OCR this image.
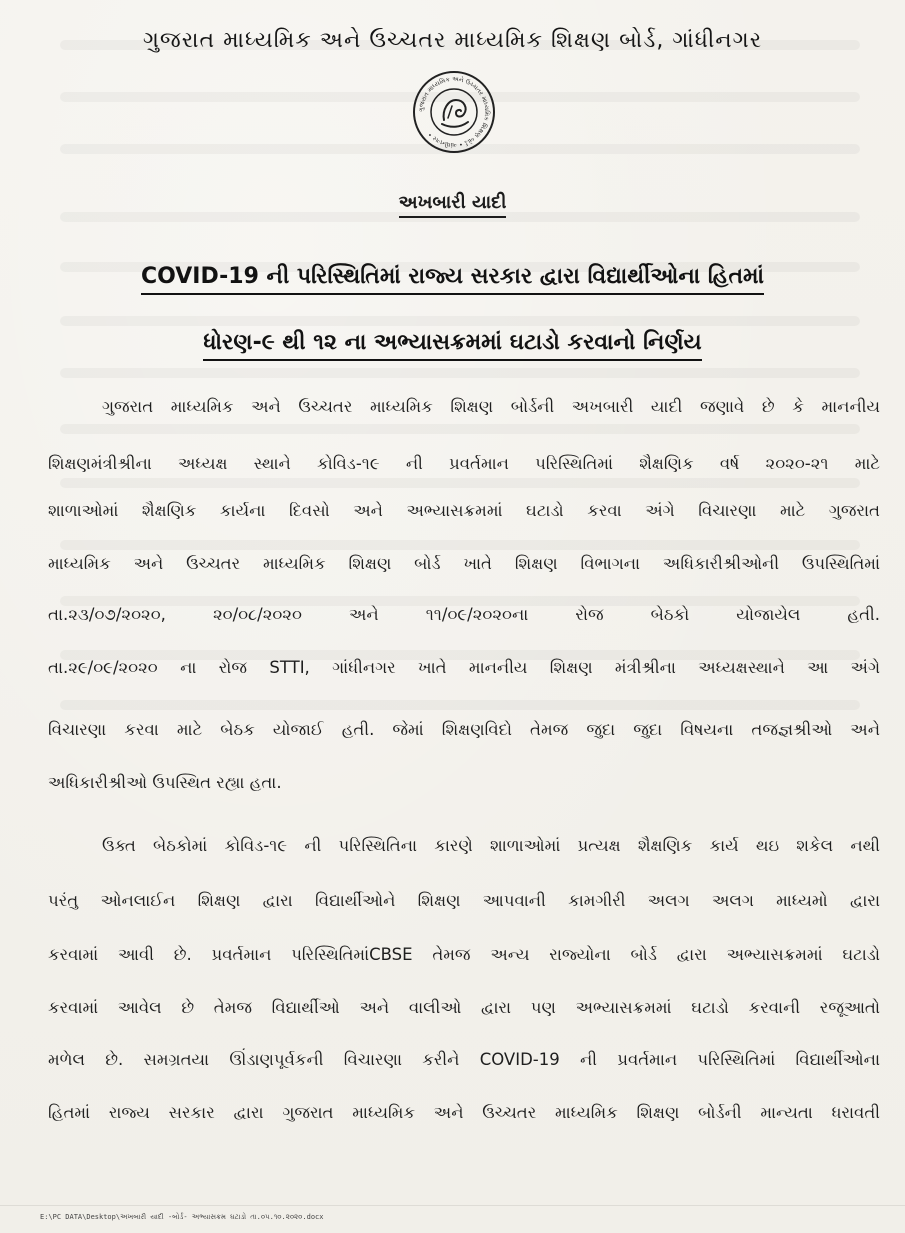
ગુજરાત માધ્યમિક અને ઉચ્ચતર માધ્યમિક શિક્ષણ બોર્ડ, ગાંધીનગર
ગુજરાત માધ્યમિક અને ઉચ્ચતર માધ્યમિક શિક્ષણ બોર્ડ • ગાંધીનગર •
અખબારી યાદી
COVID-19 ની પરિસ્થિતિમાં રાજ્ય સરકાર દ્વારા વિદ્યાર્થીઓના હિતમાં
ધોરણ-૯ થી ૧૨ ના અભ્યાસક્રમમાં ઘટાડો કરવાનો નિર્ણય
ગુજરાત માધ્યમિક અને ઉચ્ચતર માધ્યમિક શિક્ષણ બોર્ડની અખબારી યાદી જણાવે છે કે માનનીય
શિક્ષણમંત્રીશ્રીના અધ્યક્ષ સ્થાને કોવિડ-૧૯ ની પ્રવર્તમાન પરિસ્થિતિમાં શૈક્ષણિક વર્ષ ૨૦૨૦-૨૧ માટે
શાળાઓમાં શૈક્ષણિક કાર્યના દિવસો અને અભ્યાસક્રમમાં ઘટાડો કરવા અંગે વિચારણા માટે ગુજરાત
માધ્યમિક અને ઉચ્ચતર માધ્યમિક શિક્ષણ બોર્ડ ખાતે શિક્ષણ વિભાગના અધિકારીશ્રીઓની ઉપસ્થિતિમાં
તા.૨૩/૦૭/૨૦૨૦, ૨૦/૦૮/૨૦૨૦ અને ૧૧/૦૯/૨૦૨૦ના રોજ બેઠકો યોજાયેલ હતી.
તા.૨૯/૦૯/૨૦૨૦ ના રોજ STTI, ગાંધીનગર ખાતે માનનીય શિક્ષણ મંત્રીશ્રીના અધ્યક્ષસ્થાને આ અંગે
વિચારણા કરવા માટે બેઠક યોજાઈ હતી. જેમાં શિક્ષણવિદો તેમજ જુદા જુદા વિષયના તજજ્ઞશ્રીઓ અને
અધિકારીશ્રીઓ ઉપસ્થિત રહ્યા હતા.
ઉક્ત બેઠકોમાં કોવિડ-૧૯ ની પરિસ્થિતિના કારણે શાળાઓમાં પ્રત્યક્ષ શૈક્ષણિક કાર્ય થઇ શકેલ નથી
પરંતુ ઓનલાઈન શિક્ષણ દ્વારા વિદ્યાર્થીઓને શિક્ષણ આપવાની કામગીરી અલગ અલગ માધ્યમો દ્વારા
કરવામાં આવી છે. પ્રવર્તમાન પરિસ્થિતિમાંCBSE તેમજ અન્ય રાજ્યોના બોર્ડ દ્વારા અભ્યાસક્રમમાં ઘટાડો
કરવામાં આવેલ છે તેમજ વિદ્યાર્થીઓ અને વાલીઓ દ્વારા પણ અભ્યાસક્રમમાં ઘટાડો કરવાની રજૂઆતો
મળેલ છે. સમગ્રતયા ઊંડાણપૂર્વકની વિચારણા કરીને COVID-19 ની પ્રવર્તમાન પરિસ્થિતિમાં વિદ્યાર્થીઓના
હિતમાં રાજ્ય સરકાર દ્વારા ગુજરાત માધ્યમિક અને ઉચ્ચતર માધ્યમિક શિક્ષણ બોર્ડની માન્યતા ધરાવતી
E:\PC DATA\Desktop\અખબારી યાદી -બોર્ડ- અભ્યાસક્રમ ઘટાડો તા.૦૫.૧૦.૨૦૨૦.docx
